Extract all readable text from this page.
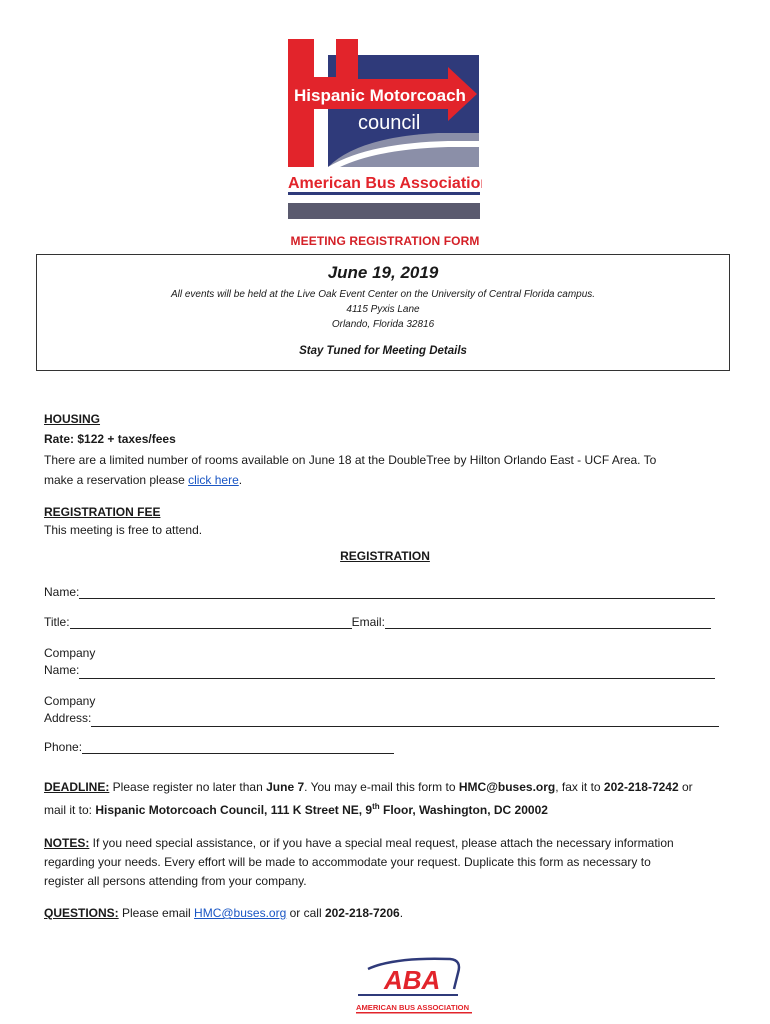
Hispanic Motorcoach
council
American Bus Association
MEETING REGISTRATION FORM
June 19, 2019
All events will be held at the Live Oak Event Center on the University of Central Florida campus.
4115 Pyxis Lane
Orlando, Florida 32816
Stay Tuned for Meeting Details
HOUSING
Rate: $122 + taxes/fees
There are a limited number of rooms available on June 18 at the DoubleTree by Hilton Orlando East - UCF Area. To
make a reservation please click here.
REGISTRATION FEE
This meeting is free to attend.
REGISTRATION
Name:
Title:	Email:
Company
Name:
Company
Address:
Phone:
DEADLINE: Please register no later than June 7. You may e-mail this form to HMC@buses.org, fax it to 202-218-7242 or
mail it to: Hispanic Motorcoach Council, 111 K Street NE, 9th Floor, Washington, DC 20002
NOTES: If you need special assistance, or if you have a special meal request, please attach the necessary information
regarding your needs. Every effort will be made to accommodate your request. Duplicate this form as necessary to
register all persons attending from your company.
QUESTIONS: Please email HMC@buses.org or call 202-218-7206.
ABA
AMERICAN BUS ASSOCIATION
